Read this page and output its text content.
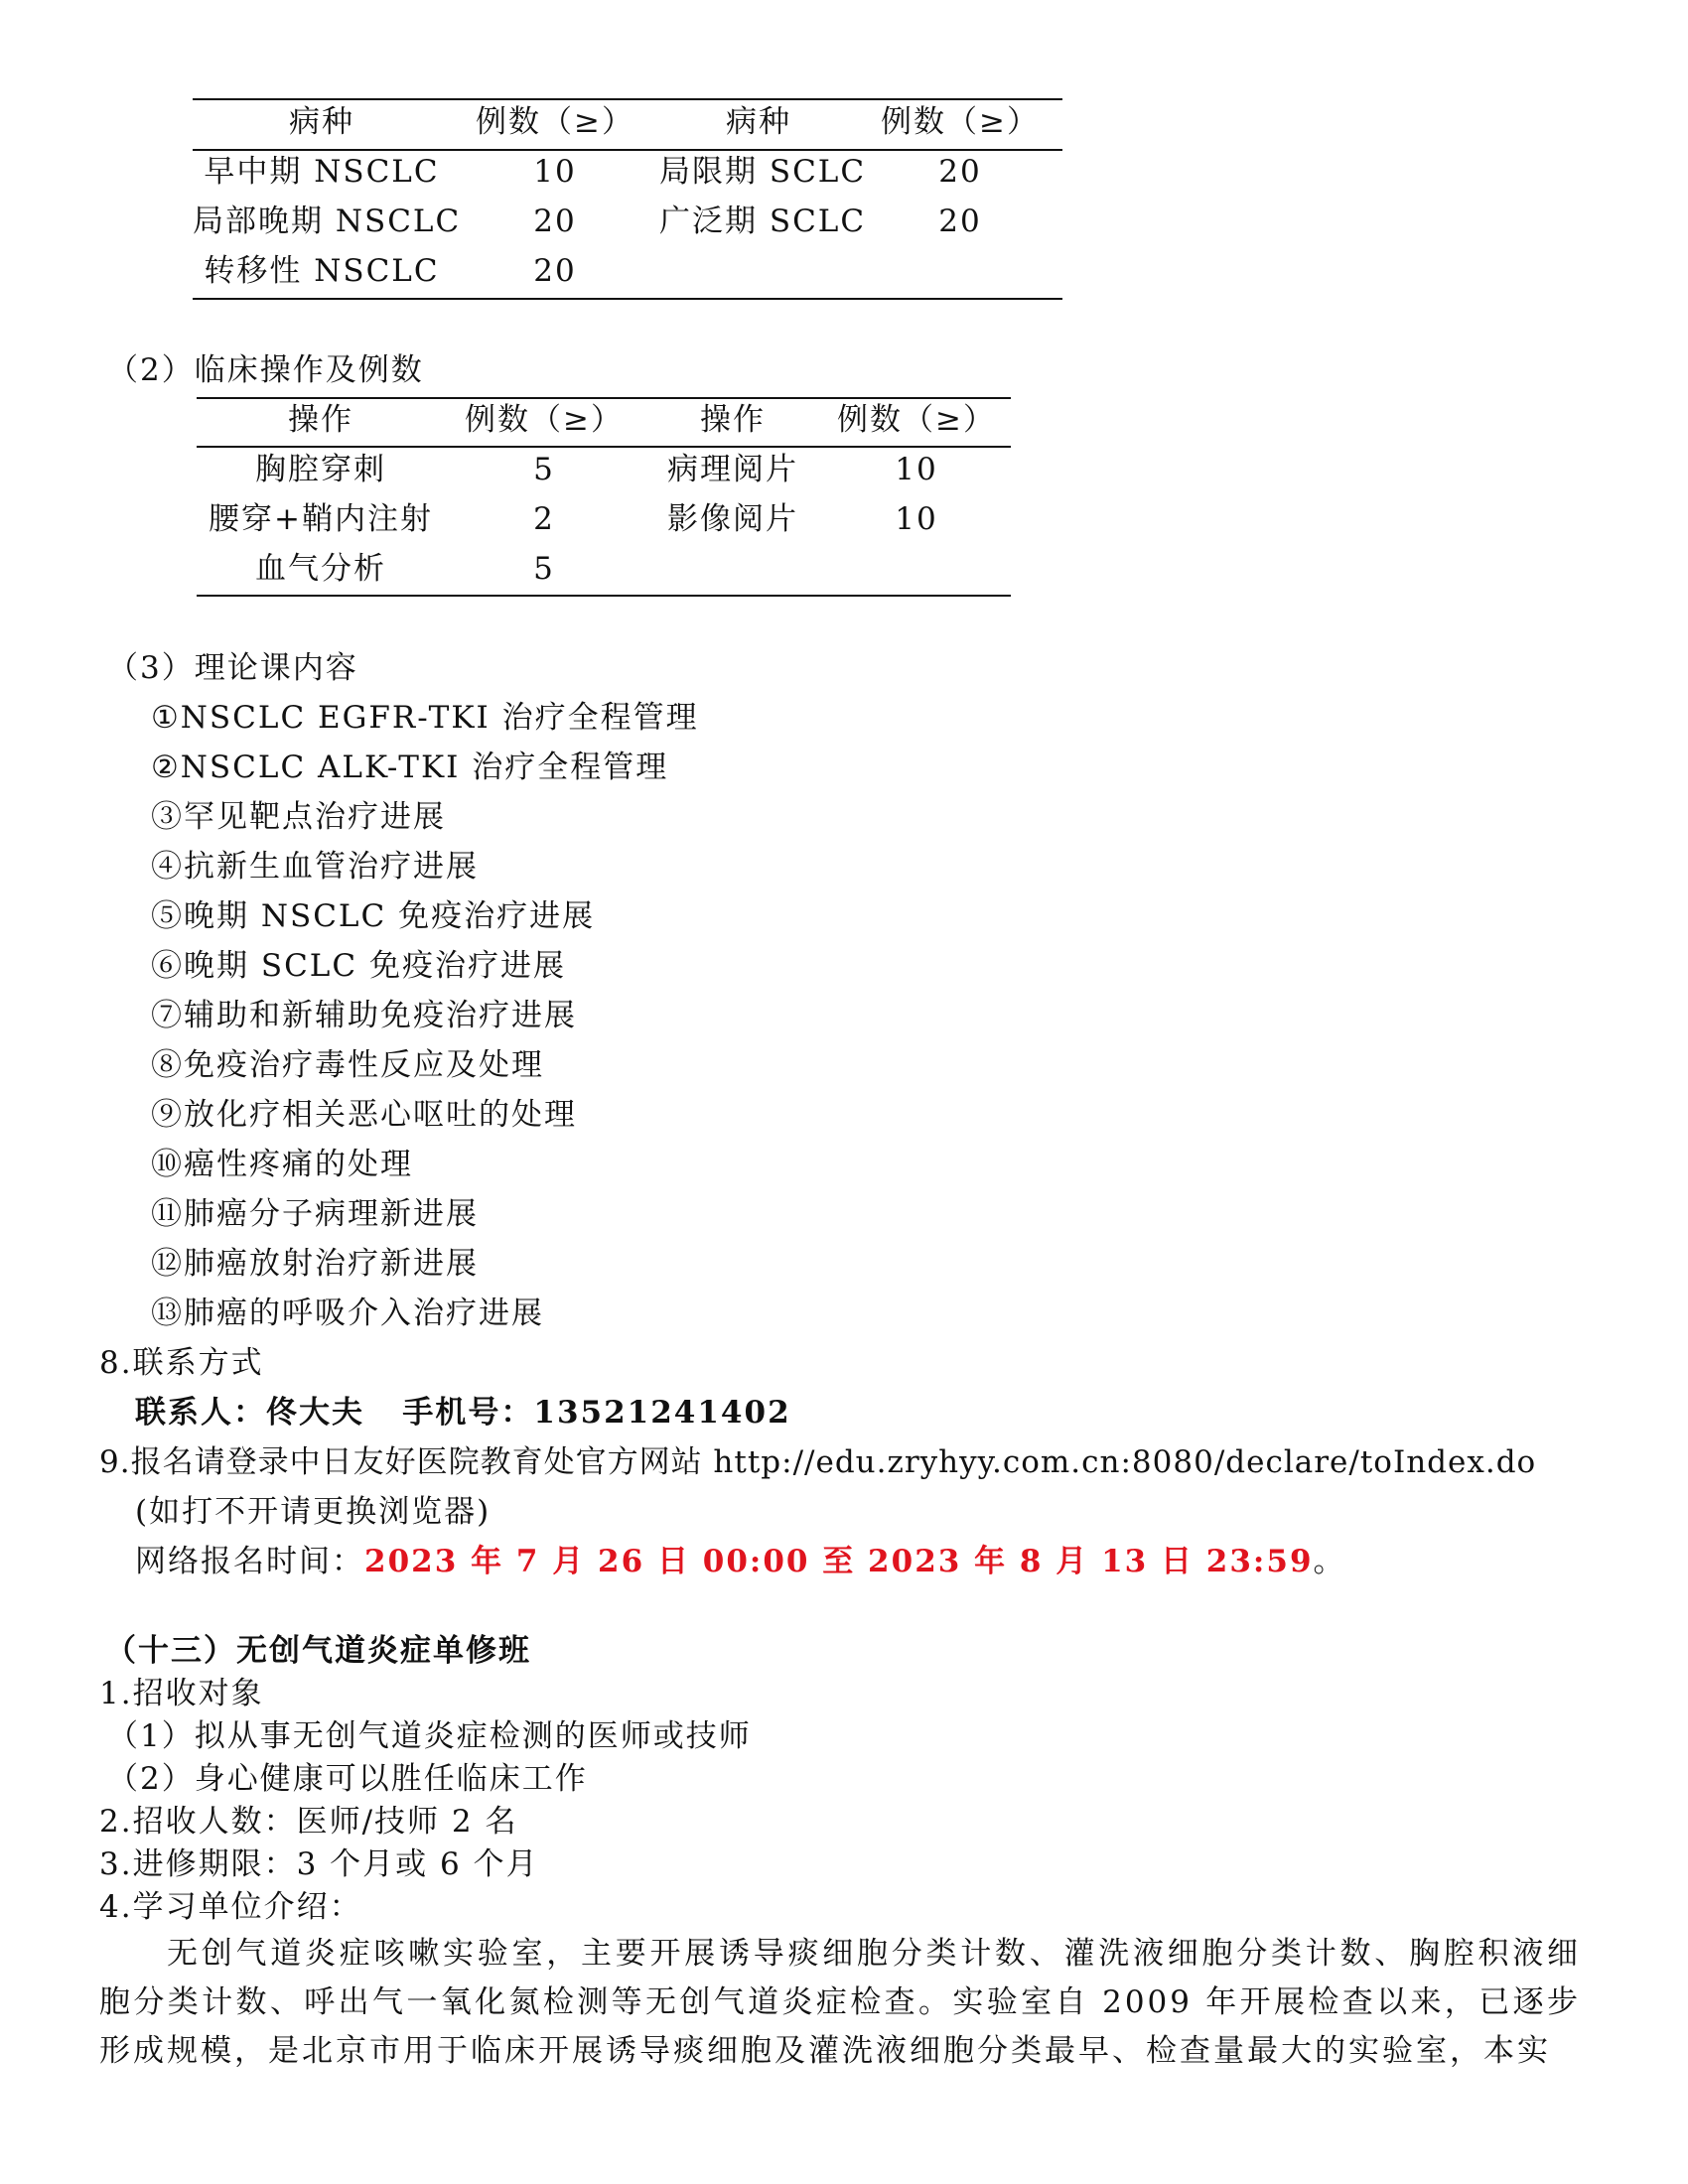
病种	例数（≥）	病种	例数（≥）
早中期 NSCLC	10	局限期 SCLC	20
局部晚期 NSCLC	20	广泛期 SCLC	20
转移性 NSCLC	20
（2）临床操作及例数
操作	例数（≥）	操作	例数（≥）
胸腔穿刺	5	病理阅片	10
腰穿+鞘内注射	2	影像阅片	10
血气分析	5
（3）理论课内容
①NSCLC EGFR-TKI 治疗全程管理
②NSCLC ALK-TKI 治疗全程管理
③罕见靶点治疗进展
④抗新生血管治疗进展
⑤晚期 NSCLC 免疫治疗进展
⑥晚期 SCLC 免疫治疗进展
⑦辅助和新辅助免疫治疗进展
⑧免疫治疗毒性反应及处理
⑨放化疗相关恶心呕吐的处理
⑩癌性疼痛的处理
⑪肺癌分子病理新进展
⑫肺癌放射治疗新进展
⑬肺癌的呼吸介入治疗进展
8.联系方式
联系人：佟大夫   手机号：13521241402
9.报名请登录中日友好医院教育处官方网站 http://edu.zryhyy.com.cn:8080/declare/toIndex.do
(如打不开请更换浏览器)
网络报名时间：2023 年 7 月 26 日 00:00 至 2023 年 8 月 13 日 23:59。
（十三）无创气道炎症单修班
1.招收对象
（1）拟从事无创气道炎症检测的医师或技师
（2）身心健康可以胜任临床工作
2.招收人数：医师/技师 2 名
3.进修期限：3 个月或 6 个月
4.学习单位介绍：
无创气道炎症咳嗽实验室，主要开展诱导痰细胞分类计数、灌洗液细胞分类计数、胸腔积液细胞分类计数、呼出气一氧化氮检测等无创气道炎症检查。实验室自 2009 年开展检查以来，已逐步形成规模，是北京市用于临床开展诱导痰细胞及灌洗液细胞分类最早、检查量最大的实验室，本实
